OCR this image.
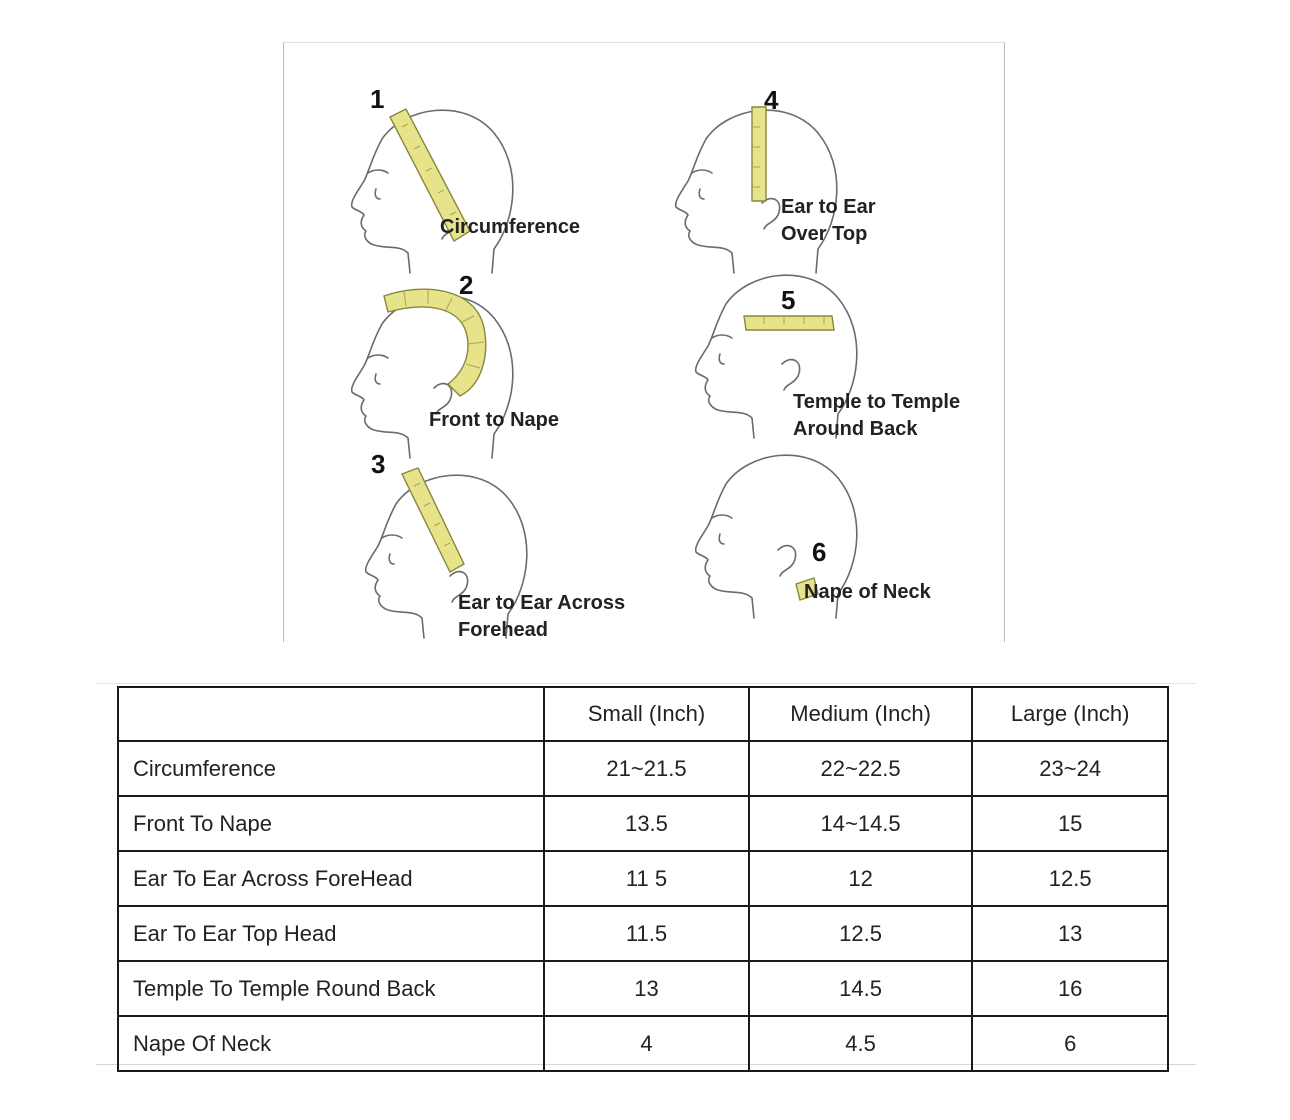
1
Circumference
2
Front to Nape
3
Ear to Ear Across
Forehead
4
Ear to Ear
Over Top
5
Temple to Temple
Around Back
6
Nape of Neck
	Small (Inch)	Medium (Inch)	Large (Inch)
Circumference	21~21.5	22~22.5	23~24
Front To Nape	13.5	14~14.5	15
Ear To Ear Across ForeHead	11 5	12	12.5
Ear To Ear Top Head	11.5	12.5	13
Temple To Temple Round Back	13	14.5	16
Nape Of Neck	4	4.5	6
